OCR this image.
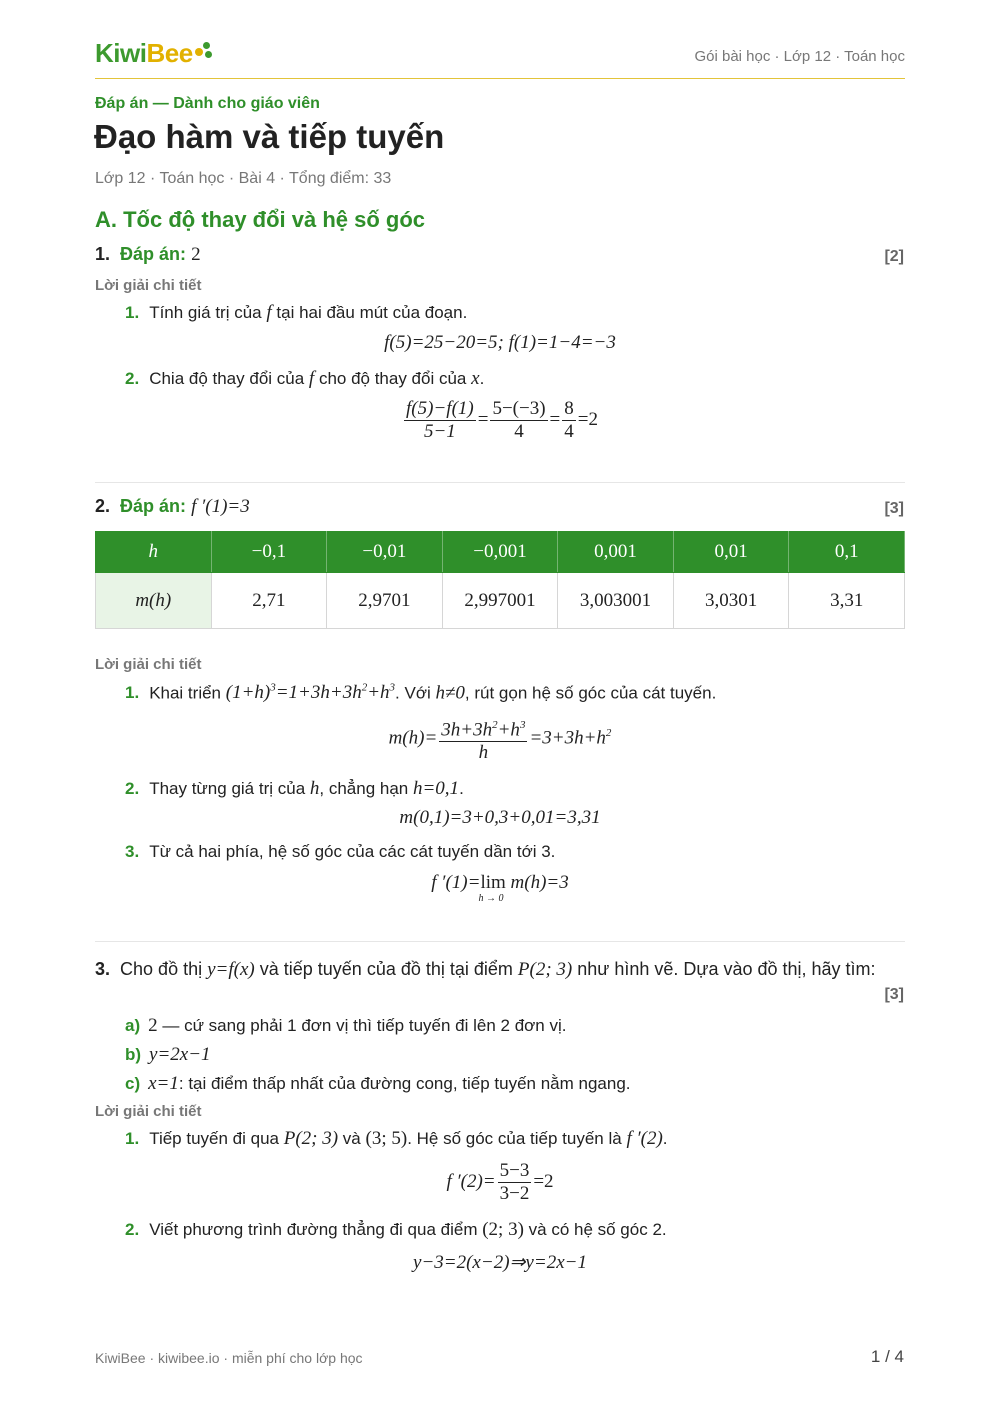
KiwiBee	Gói bài học · Lớp 12 · Toán học
Đáp án — Dành cho giáo viên
Đạo hàm và tiếp tuyến
Lớp 12 · Toán học · Bài 4 · Tổng điểm: 33
A. Tốc độ thay đổi và hệ số góc
1. Đáp án: 2	[2]
Lời giải chi tiết
1. Tính giá trị của f tại hai đầu mút của đoạn.
f(5)=25−20=5; f(1)=1−4=−3
2. Chia độ thay đổi của f cho độ thay đổi của x.
$\frac{f(5)-f(1)}{5-1} = \frac{5-(-3)}{4} = \frac{8}{4} =2$
2. Đáp án: f ′(1)=3	[3]
h	−0,1	−0,01	−0,001	0,001	0,01	0,1
m(h)	2,71	2,9701	2,997001	3,003001	3,0301	3,31
Lời giải chi tiết
1. Khai triển $(1+h)^3=1+3h+3h^2+h^3$. Với h≠0, rút gọn hệ số góc của cát tuyến.
$m(h)= \frac{3h+3h^2+h^3}{h} =3+3h+h^2$
2. Thay từng giá trị của h, chẳng hạn h=0,1.
m(0,1)=3+0,3+0,01=3,31
3. Từ cả hai phía, hệ số góc của các cát tuyến dần tới 3.
f ′(1)=lim
h → 0
m(h)=3
3. Cho đồ thị y=f(x) và tiếp tuyến của đồ thị tại điểm P(2; 3) như hình vẽ. Dựa vào đồ thị, hãy tìm:
[3]
a) 2 — cứ sang phải 1 đơn vị thì tiếp tuyến đi lên 2 đơn vị.
b) y=2x−1
c) x=1: tại điểm thấp nhất của đường cong, tiếp tuyến nằm ngang.
Lời giải chi tiết
1. Tiếp tuyến đi qua P(2; 3) và (3; 5). Hệ số góc của tiếp tuyến là f ′(2).
f $'(2)= \frac{5-3}{3-2} =2$
2. Viết phương trình đường thẳng đi qua điểm (2; 3) và có hệ số góc 2.
y−3=2(x−2)⇒y=2x−1
KiwiBee · kiwibee.io · miễn phí cho lớp học	1 / 4
